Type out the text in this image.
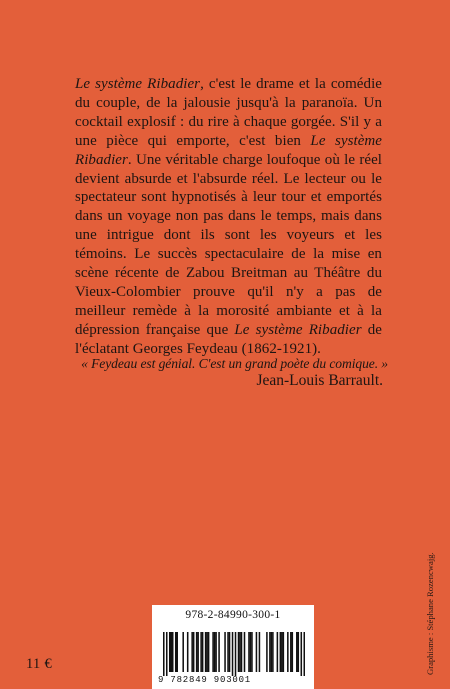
Le système Ribadier, c'est le drame et la comédie du couple, de la jalousie jusqu'à la paranoïa. Un cocktail explosif : du rire à chaque gorgée. S'il y a une pièce qui emporte, c'est bien Le système Ribadier. Une véritable charge loufoque où le réel devient absurde et l'absurde réel. Le lecteur ou le spectateur sont hypnotisés à leur tour et emportés dans un voyage non pas dans le temps, mais dans une intrigue dont ils sont les voyeurs et les témoins. Le succès spectaculaire de la mise en scène récente de Zabou Breitman au Théâtre du Vieux-Colombier prouve qu'il n'y a pas de meilleur remède à la morosité ambiante et à la dépression française que Le système Ribadier de l'éclatant Georges Feydeau (1862-1921).
« Feydeau est génial. C'est un grand poète du comique. »
Jean-Louis Barrault.
Graphisme : Stéphane Rozencwajg.
978-2-84990-300-1
9 782849 903001
11 €
